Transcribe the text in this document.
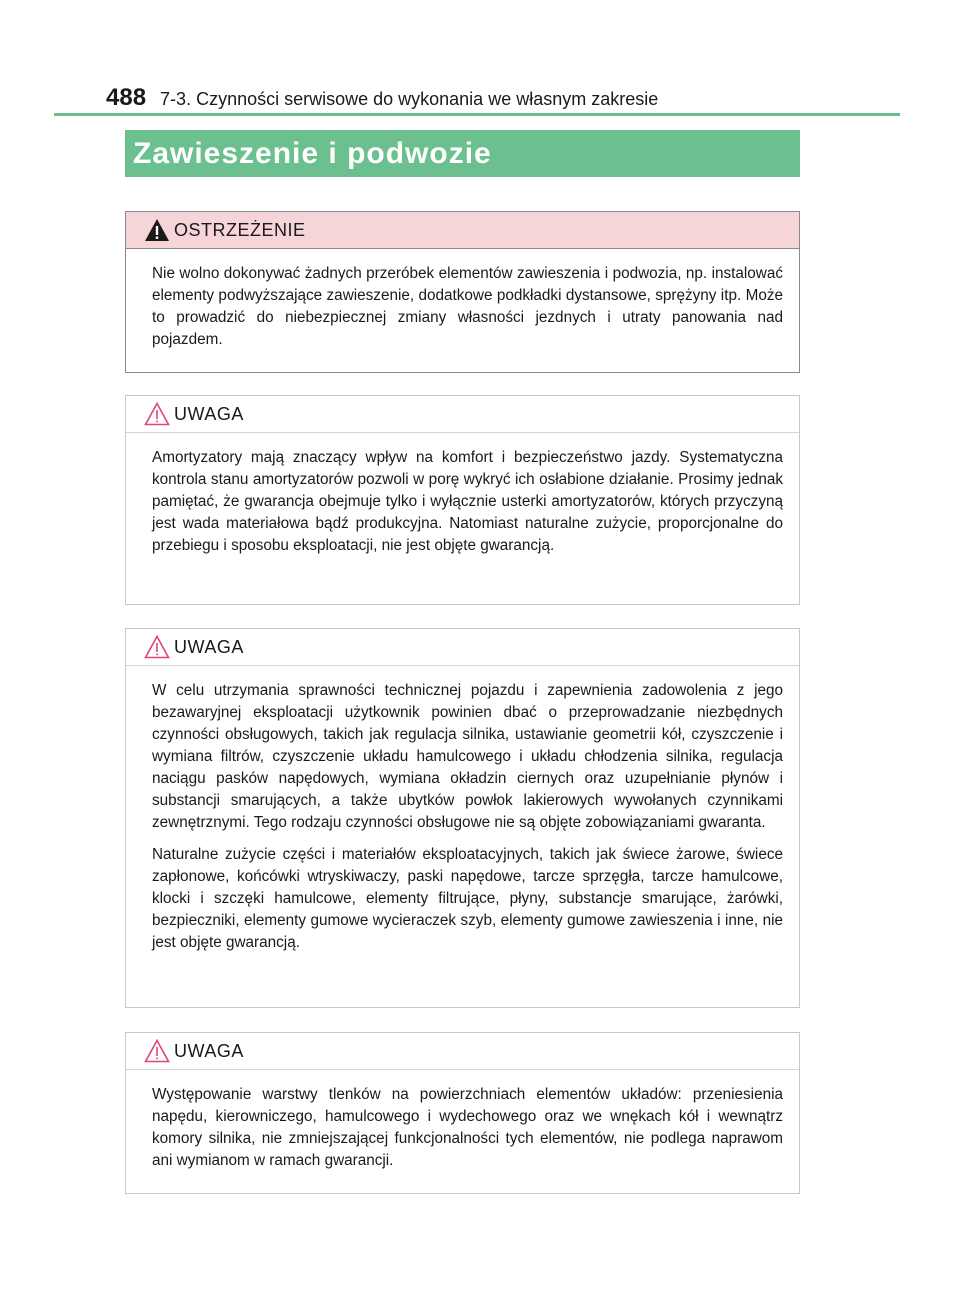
488 7-3. Czynności serwisowe do wykonania we własnym zakresie
Zawieszenie i podwozie
OSTRZEŻENIE

Nie wolno dokonywać żadnych przeróbek elementów zawieszenia i podwozia, np. instalować elementy podwyższające zawieszenie, dodatkowe podkładki dystansowe, sprężyny itp. Może to prowadzić do niebezpiecznej zmiany własności jezdnych i utraty panowania nad pojazdem.

UWAGA

Amortyzatory mają znaczący wpływ na komfort i bezpieczeństwo jazdy. Systematyczna kontrola stanu amortyzatorów pozwoli w porę wykryć ich osłabione działanie. Prosimy jednak pamiętać, że gwarancja obejmuje tylko i wyłącznie usterki amortyzatorów, których przyczyną jest wada materiałowa bądź produkcyjna. Natomiast naturalne zużycie, proporcjonalne do przebiegu i sposobu eksploatacji, nie jest objęte gwarancją.

UWAGA

W celu utrzymania sprawności technicznej pojazdu i zapewnienia zadowolenia z jego bezawaryjnej eksploatacji użytkownik powinien dbać o przeprowadzanie niezbędnych czynności obsługowych, takich jak regulacja silnika, ustawianie geometrii kół, czyszczenie i wymiana filtrów, czyszczenie układu hamulcowego i układu chłodzenia silnika, regulacja naciągu pasków napędowych, wymiana okładzin ciernych oraz uzupełnianie płynów i substancji smarujących, a także ubytków powłok lakierowych wywołanych czynnikami zewnętrznymi. Tego rodzaju czynności obsługowe nie są objęte zobowiązaniami gwaranta.

Naturalne zużycie części i materiałów eksploatacyjnych, takich jak świece żarowe, świece zapłonowe, końcówki wtryskiwaczy, paski napędowe, tarcze sprzęgła, tarcze hamulcowe, klocki i szczęki hamulcowe, elementy filtrujące, płyny, substancje smarujące, żarówki, bezpieczniki, elementy gumowe wycieraczek szyb, elementy gumowe zawieszenia i inne, nie jest objęte gwarancją.

UWAGA

Występowanie warstwy tlenków na powierzchniach elementów układów: przeniesienia napędu, kierowniczego, hamulcowego i wydechowego oraz we wnękach kół i wewnątrz komory silnika, nie zmniejszającej funkcjonalności tych elementów, nie podlega naprawom ani wymianom w ramach gwarancji.
